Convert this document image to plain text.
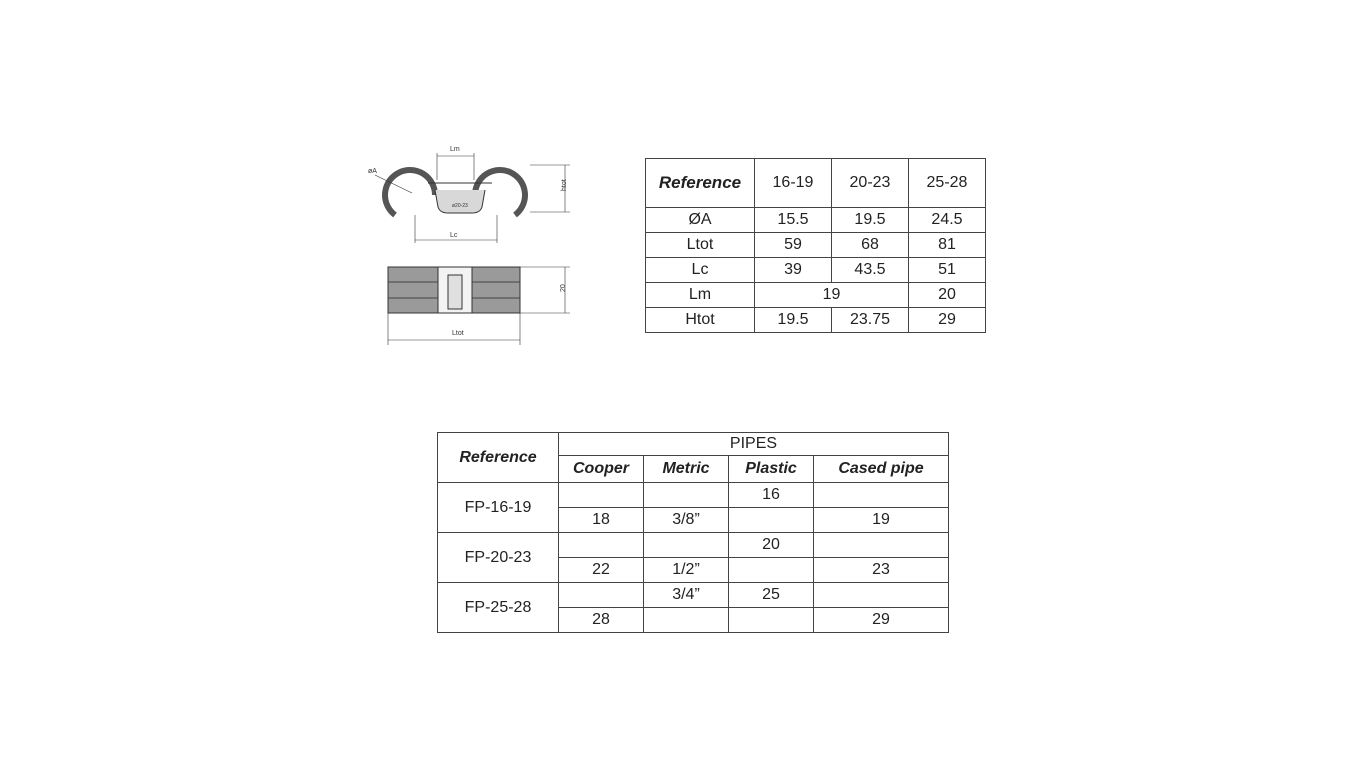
Lm
Lc
øA
htot
ø20-23
20
Ltot
Reference	16-19	20-23	25-28
ØA	15.5	19.5	24.5
Ltot	59	68	81
Lc	39	43.5	51
Lm	19		20
Htot	19.5	23.75	29
Reference	PIPES			
	Cooper	Metric	Plastic	Cased pipe
FP-16-19			16	
	18	3/8”		19
FP-20-23			20	
	22	1/2”		23
FP-25-28		3/4”	25	
	28			29
